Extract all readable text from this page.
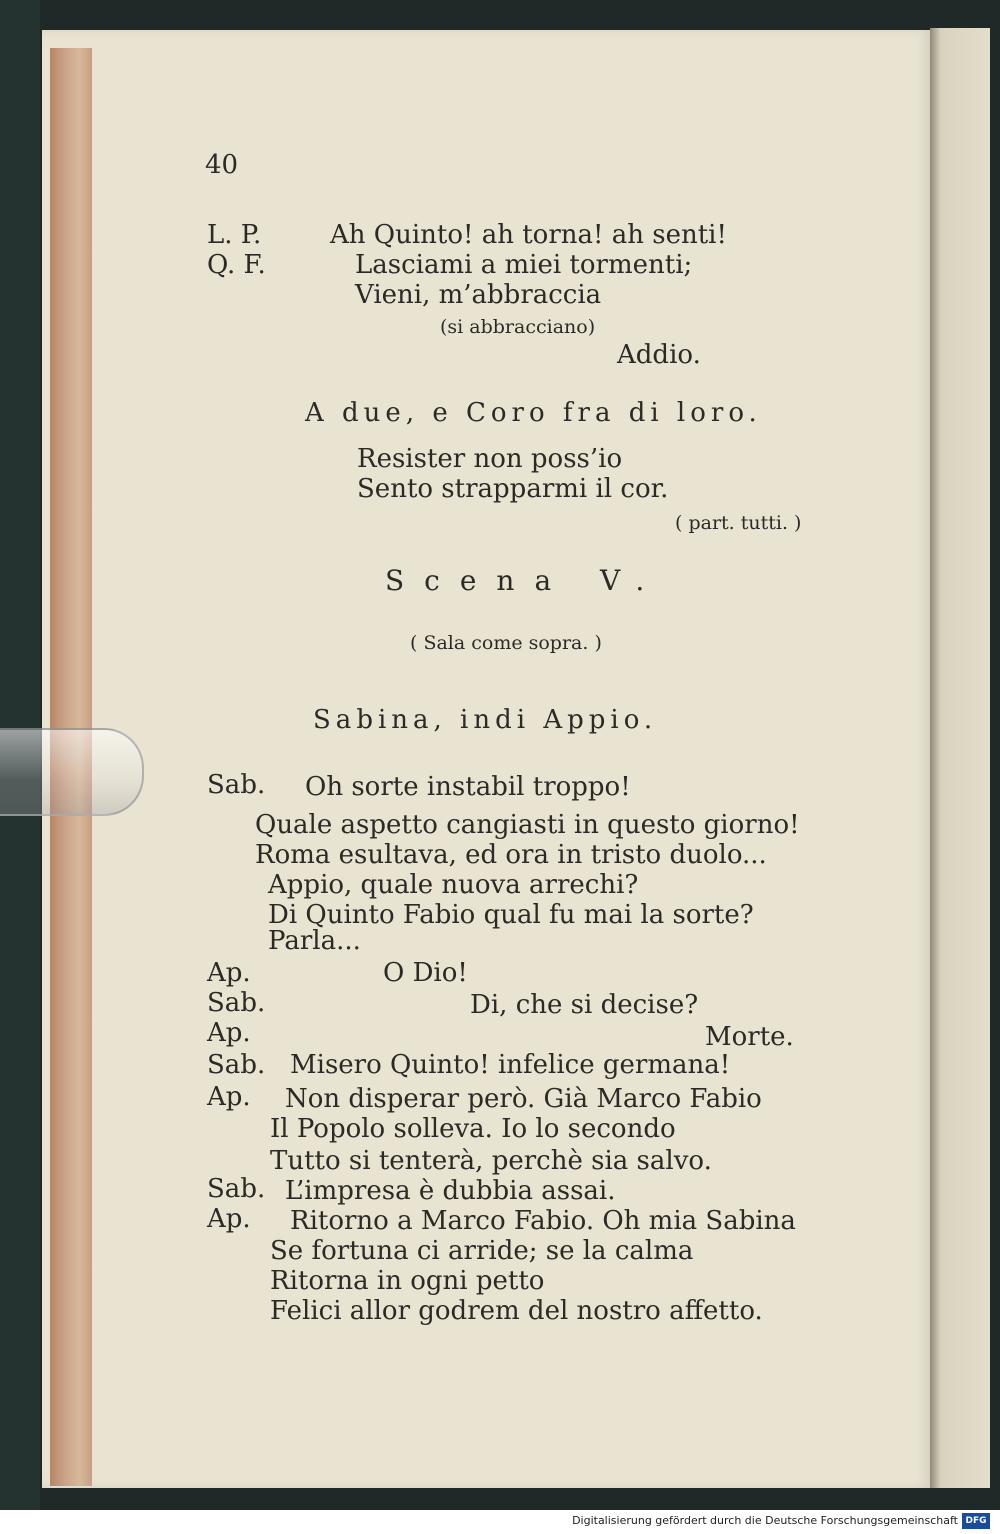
40
L. P.	Ah Quinto! ah torna! ah senti!
Q. F.	Lasciami a miei tormenti;
Vieni, m’abbraccia
(si abbracciano)
Addio.
A due, e Coro fra di loro.
Resister non poss’io
Sento strapparmi il cor.
( part. tutti. )
Scena V.
( Sala come sopra. )
Sabina, indi Appio.
Sab. Oh sorte instabil troppo!
Quale aspetto cangiasti in questo giorno!
Roma esultava, ed ora in tristo duolo...
Appio, quale nuova arrechi?
Di Quinto Fabio qual fu mai la sorte?
Parla...
Ap.	O Dio!
Sab.	Di, che si decise?
Ap.	Morte.
Sab. Misero Quinto! infelice germana!
Ap. Non disperar però. Già Marco Fabio
Il Popolo solleva. Io lo secondo
Tutto si tenterà, perchè sia salvo.
Sab. L’impresa è dubbia assai.
Ap. Ritorno a Marco Fabio. Oh mia Sabina
Se fortuna ci arride; se la calma
Ritorna in ogni petto
Felici allor godrem del nostro affetto.
Digitalisierung gefördert durch die Deutsche Forschungsgemeinschaft DFG
